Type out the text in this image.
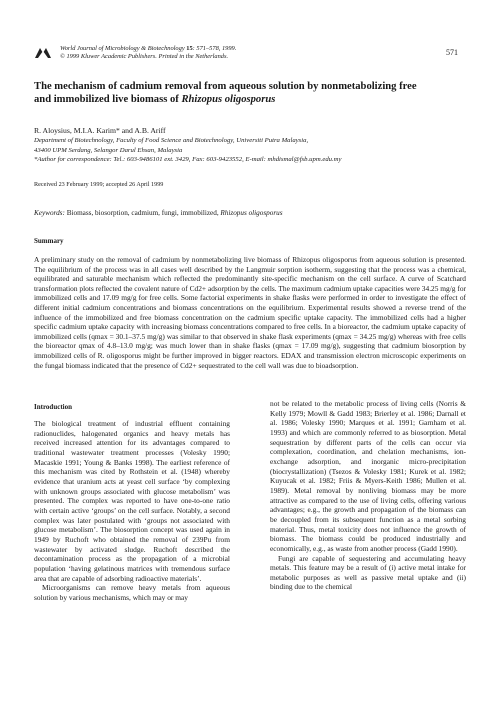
World Journal of Microbiology & Biotechnology 15: 571–578, 1999.
© 1999 Kluwer Academic Publishers. Printed in the Netherlands.	571
The mechanism of cadmium removal from aqueous solution by nonmetabolizing free
and immobilized live biomass of Rhizopus oligosporus
R. Aloysius, M.I.A. Karim* and A.B. Ariff
Department of Biotechnology, Faculty of Food Science and Biotechnology, Universiti Putra Malaysia,
43400 UPM Serdang, Selangor Darul Ehsan, Malaysia
*Author for correspondence: Tel.: 603-9486101 ext. 3429, Fax: 603-9423552, E-mail: mhdismal@fsb.upm.edu.my
Received 23 February 1999; accepted 26 April 1999
Keywords: Biomass, biosorption, cadmium, fungi, immobilized, Rhizopus oligosporus
Summary
A preliminary study on the removal of cadmium by nonmetabolizing live biomass of Rhizopus oligosporus from aqueous solution is presented. The equilibrium of the process was in all cases well described by the Langmuir sorption isotherm, suggesting that the process was a chemical, equilibrated and saturable mechanism which reflected the predominantly site-specific mechanism on the cell surface. A curve of Scatchard transformation plots reflected the covalent nature of Cd2+ adsorption by the cells. The maximum cadmium uptake capacities were 34.25 mg/g for immobilized cells and 17.09 mg/g for free cells. Some factorial experiments in shake flasks were performed in order to investigate the effect of different initial cadmium concentrations and biomass concentrations on the equilibrium. Experimental results showed a reverse trend of the influence of the immobilized and free biomass concentration on the cadmium specific uptake capacity. The immobilized cells had a higher specific cadmium uptake capacity with increasing biomass concentrations compared to free cells. In a bioreactor, the cadmium uptake capacity of immobilized cells (qmax = 30.1–37.5 mg/g) was similar to that observed in shake flask experiments (qmax = 34.25 mg/g) whereas with free cells the bioreactor qmax of 4.8–13.0 mg/g; was much lower than in shake flasks (qmax = 17.09 mg/g), suggesting that cadmium biosorption by immobilized cells of R. oligosporus might be further improved in bigger reactors. EDAX and transmission electron microscopic experiments on the fungal biomass indicated that the presence of Cd2+ sequestrated to the cell wall was due to bioadsorption.
Introduction

The biological treatment of industrial effluent containing radionuclides, halogenated organics and heavy metals has received increased attention for its advantages compared to traditional wastewater treatment processes (Volesky 1990; Macaskie 1991; Young & Banks 1998). The earliest reference of this mechanism was cited by Rothstein et al. (1948) whereby evidence that uranium acts at yeast cell surface ‘by complexing with unknown groups associated with glucose metabolism’ was presented. The complex was reported to have one-to-one ratio with certain active ‘groups’ on the cell surface. Notably, a second complex was later postulated with ‘groups not associated with glucose metabolism’. The biosorption concept was used again in 1949 by Ruchoft who obtained the removal of 239Pu from wastewater by activated sludge. Ruchoft described the decontamination process as the propagation of a microbial population ‘having gelatinous matrices with tremendous surface area that are capable of adsorbing radioactive materials’.

Microorganisms can remove heavy metals from aqueous solution by various mechanisms, which may or may

not be related to the metabolic process of living cells (Norris & Kelly 1979; Mowll & Gadd 1983; Brierley et al. 1986; Darnall et al. 1986; Volesky 1990; Marques et al. 1991; Garnham et al. 1993) and which are commonly referred to as biosorption. Metal sequestration by different parts of the cells can occur via complexation, coordination, and chelation mechanisms, ion-exchange adsorption, and inorganic micro-precipitation (biocrystallization) (Tsezos & Volesky 1981; Kurek et al. 1982; Kuyucak et al. 1982; Friis & Myers-Keith 1986; Mullen et al. 1989). Metal removal by nonliving biomass may be more attractive as compared to the use of living cells, offering various advantages; e.g., the growth and propagation of the biomass can be decoupled from its subsequent function as a metal sorbing material. Thus, metal toxicity does not influence the growth of biomass. The biomass could be produced industrially and economically, e.g., as waste from another process (Gadd 1990).

Fungi are capable of sequestering and accumulating heavy metals. This feature may be a result of (i) active metal intake for metabolic purposes as well as passive metal uptake and (ii) binding due to the chemical
